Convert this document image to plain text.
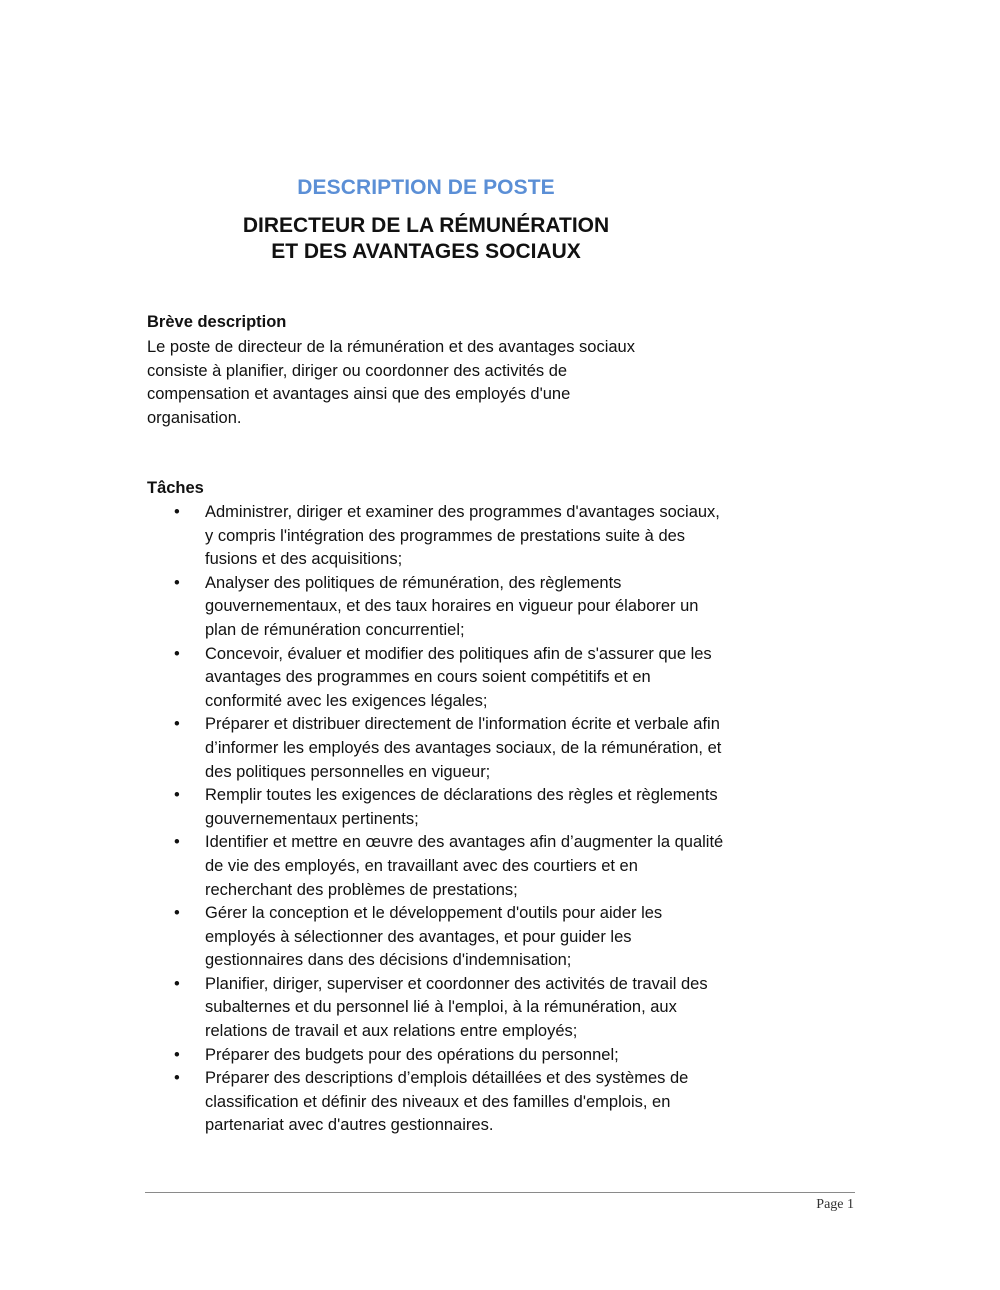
DESCRIPTION DE POSTE
DIRECTEUR DE LA RÉMUNÉRATION
ET DES AVANTAGES SOCIAUX
Brève description
Le poste de directeur de la rémunération et des avantages sociaux
consiste à planifier, diriger ou coordonner des activités de
compensation et avantages ainsi que des employés d'une
organisation.
Tâches
• Administrer, diriger et examiner des programmes d'avantages sociaux, y compris l'intégration des programmes de prestations suite à des fusions et des acquisitions;
• Analyser des politiques de rémunération, des règlements gouvernementaux, et des taux horaires en vigueur pour élaborer un plan de rémunération concurrentiel;
• Concevoir, évaluer et modifier des politiques afin de s'assurer que les avantages des programmes en cours soient compétitifs et en conformité avec les exigences légales;
• Préparer et distribuer directement de l'information écrite et verbale afin d’informer les employés des avantages sociaux, de la rémunération, et des politiques personnelles en vigueur;
• Remplir toutes les exigences de déclarations des règles et règlements gouvernementaux pertinents;
• Identifier et mettre en œuvre des avantages afin d’augmenter la qualité de vie des employés, en travaillant avec des courtiers et en recherchant des problèmes de prestations;
• Gérer la conception et le développement d'outils pour aider les employés à sélectionner des avantages, et pour guider les gestionnaires dans des décisions d'indemnisation;
• Planifier, diriger, superviser et coordonner des activités de travail des subalternes et du personnel lié à l'emploi, à la rémunération, aux relations de travail et aux relations entre employés;
• Préparer des budgets pour des opérations du personnel;
• Préparer des descriptions d’emplois détaillées et des systèmes de classification et définir des niveaux et des familles d'emplois, en partenariat avec d'autres gestionnaires.
Page 1
